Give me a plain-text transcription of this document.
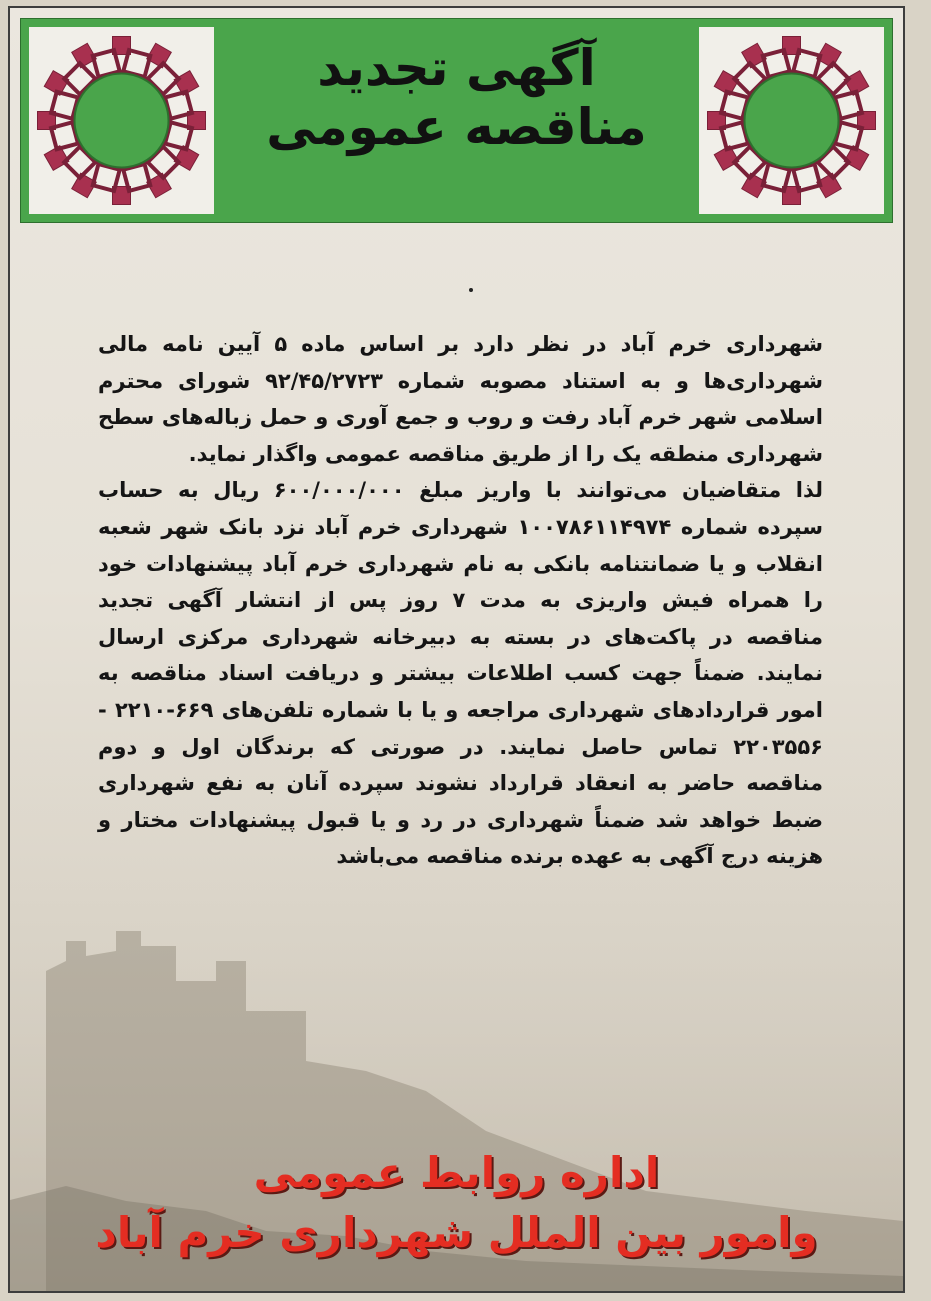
آگهی تجدید
مناقصه عمومی

شهرداری خرم آباد در نظر دارد بر اساس ماده ۵ آیین نامه مالی شهرداری‌ها و به استناد مصوبه شماره ۹۲/۴۵/۲۷۲۳ شورای محترم اسلامی شهر خرم آباد رفت و روب و جمع آوری و حمل زباله‌های سطح شهرداری منطقه یک را از طریق مناقصه عمومی واگذار نماید.

لذا متقاضیان می‌توانند با واریز مبلغ ۶۰۰/۰۰۰/۰۰۰ ریال به حساب سپرده شماره ۱۰۰۷۸۶۱۱۴۹۷۴ شهرداری خرم آباد نزد بانک شهر شعبه انقلاب و یا ضمانتنامه بانکی به نام شهرداری خرم آباد پیشنهادات خود را همراه فیش واریزی به مدت ۷ روز پس از انتشار آگهی تجدید مناقصه در پاکت‌های در بسته به دبیرخانه شهرداری مرکزی ارسال نمایند. ضمناً جهت کسب اطلاعات بیشتر و دریافت اسناد مناقصه به امور قراردادهای شهرداری مراجعه و یا با شماره تلفن‌های ۶۶۹-۲۲۱۰ - ۲۲۰۳۵۵۶ تماس حاصل نمایند. در صورتی که برندگان اول و دوم مناقصه حاضر به انعقاد قرارداد نشوند سپرده آنان به نفع شهرداری ضبط خواهد شد ضمناً شهرداری در رد و یا قبول پیشنهادات مختار و هزینه درج آگهی به عهده برنده مناقصه می‌باشد

اداره روابط عمومی
وامور بین الملل شهرداری خرم آباد
